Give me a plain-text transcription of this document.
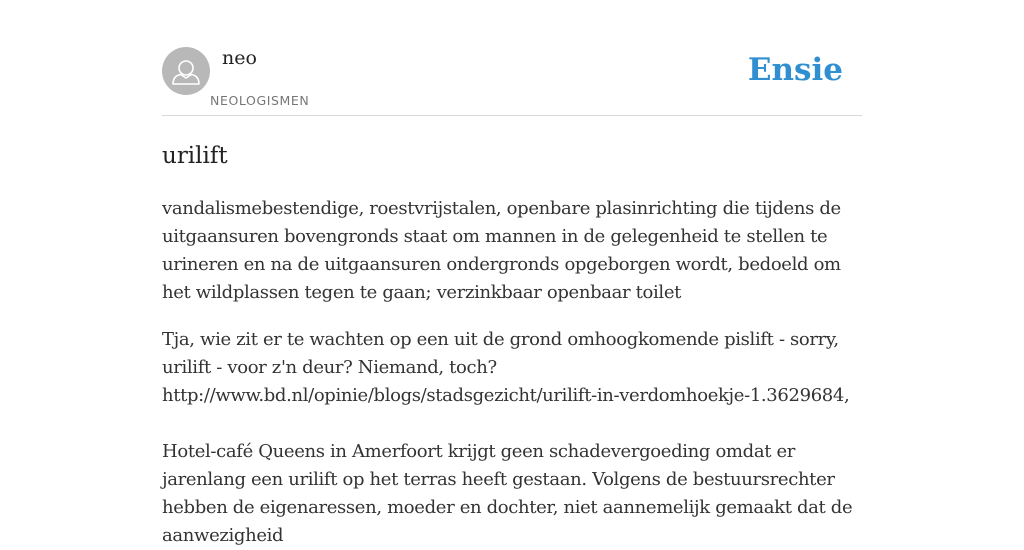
neo
NEOLOGISMEN
Ensie
urilift

vandalismebestendige, roestvrijstalen, openbare plasinrichting die tijdens de uitgaansuren bovengronds staat om mannen in de gelegenheid te stellen te urineren en na de uitgaansuren ondergronds opgeborgen wordt, bedoeld om het wildplassen tegen te gaan; verzinkbaar openbaar toilet

Tja, wie zit er te wachten op een uit de grond omhoogkomende pislift - sorry, urilift - voor z'n deur? Niemand, toch? http://www.bd.nl/opinie/blogs/stadsgezicht/urilift-in-verdomhoekje-1.3629684,

Hotel-café Queens in Amerfoort krijgt geen schadevergoeding omdat er jarenlang een urilift op het terras heeft gestaan. Volgens de bestuursrechter hebben de eigenaressen, moeder en dochter, niet aannemelijk gemaakt dat de aanwezigheid
